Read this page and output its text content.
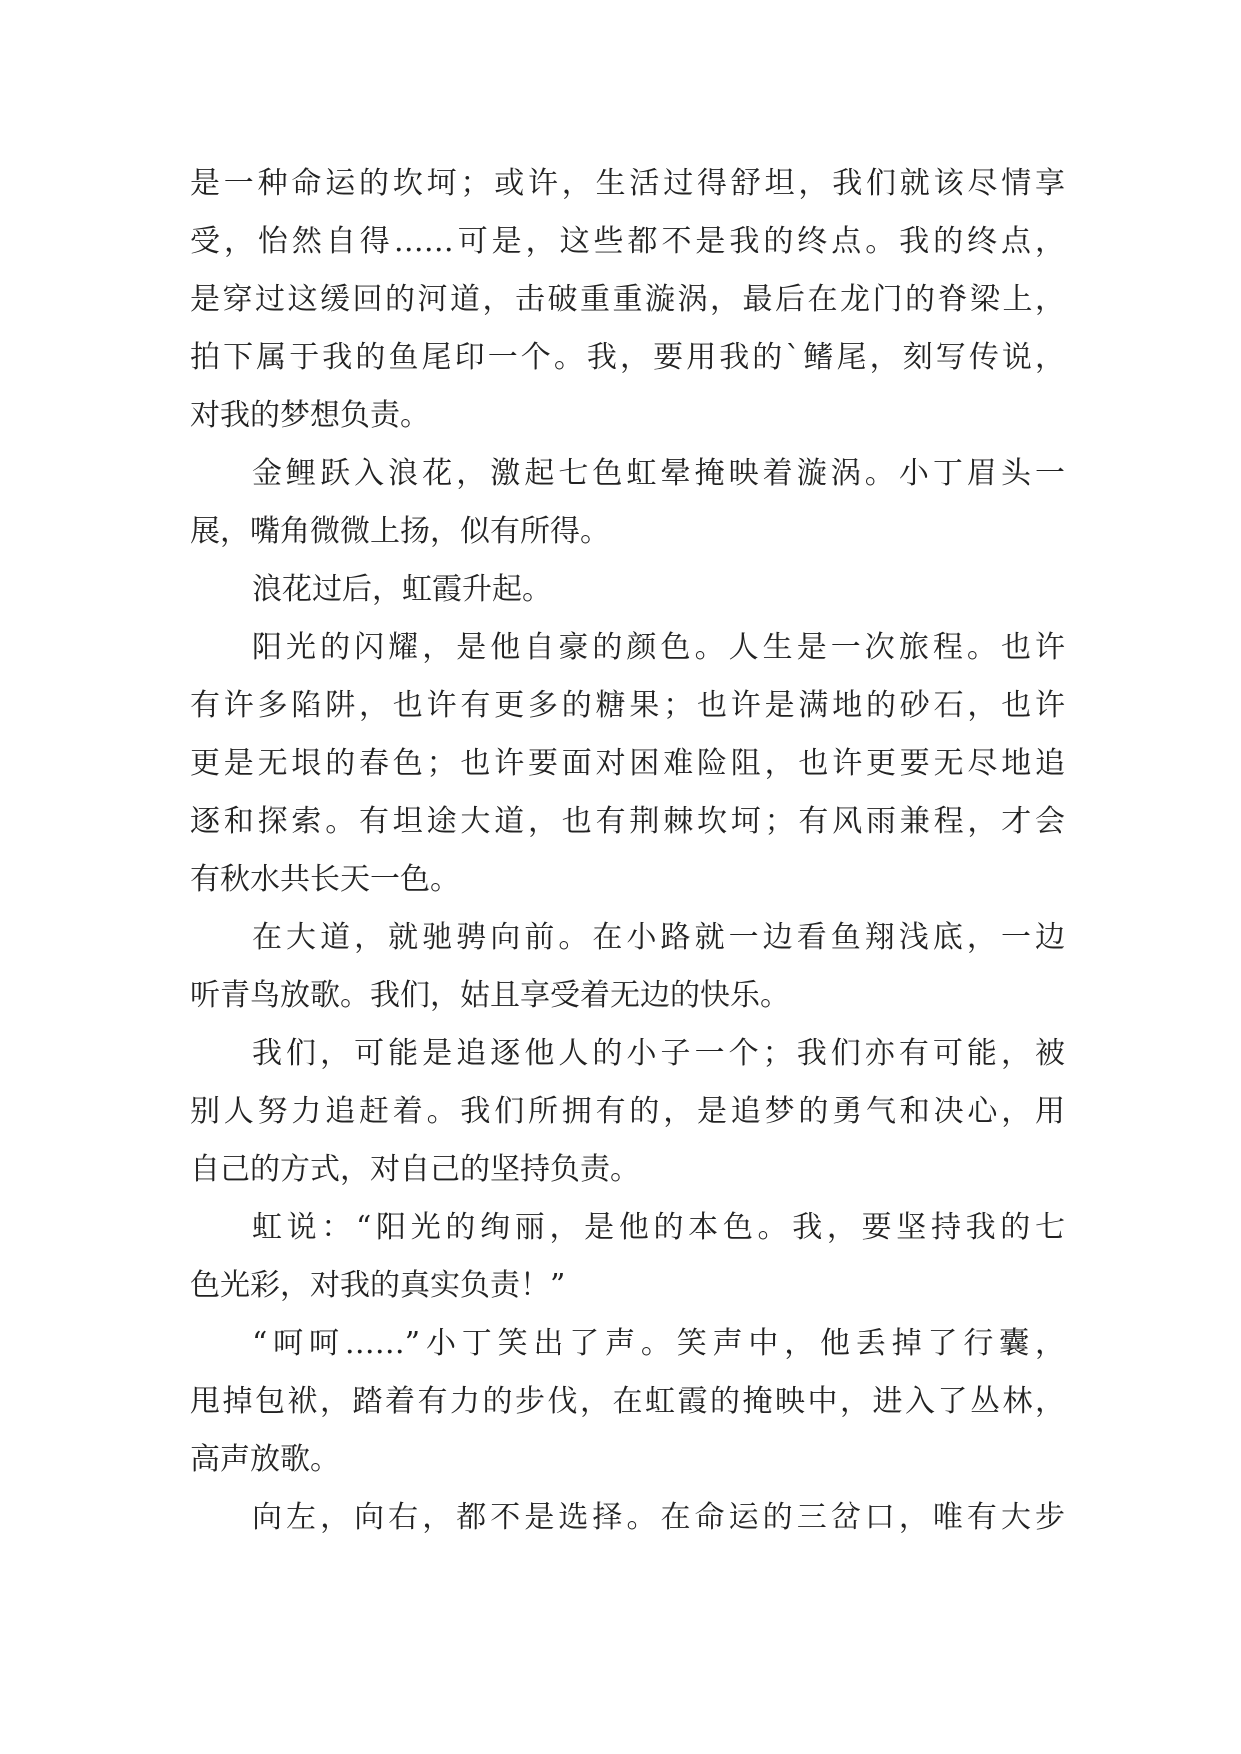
是一种命运的坎坷；或许，生活过得舒坦，我们就该尽情享
受，怡然自得……可是，这些都不是我的终点。我的终点，
是穿过这缓回的河道，击破重重漩涡，最后在龙门的脊梁上，
拍下属于我的鱼尾印一个。我，要用我的`鳍尾，刻写传说，
对我的梦想负责。
金鲤跃入浪花，激起七色虹晕掩映着漩涡。小丁眉头一
展，嘴角微微上扬，似有所得。
浪花过后，虹霞升起。
阳光的闪耀，是他自豪的颜色。人生是一次旅程。也许
有许多陷阱，也许有更多的糖果；也许是满地的砂石，也许
更是无垠的春色；也许要面对困难险阻，也许更要无尽地追
逐和探索。有坦途大道，也有荆棘坎坷；有风雨兼程，才会
有秋水共长天一色。
在大道，就驰骋向前。在小路就一边看鱼翔浅底，一边
听青鸟放歌。我们，姑且享受着无边的快乐。
我们，可能是追逐他人的小子一个；我们亦有可能，被
别人努力追赶着。我们所拥有的，是追梦的勇气和决心，用
自己的方式，对自己的坚持负责。
虹说：“阳光的绚丽，是他的本色。我，要坚持我的七
色光彩，对我的真实负责！”
“呵呵……”小丁笑出了声。笑声中，他丢掉了行囊，
甩掉包袱，踏着有力的步伐，在虹霞的掩映中，进入了丛林，
高声放歌。
向左，向右，都不是选择。在命运的三岔口，唯有大步
